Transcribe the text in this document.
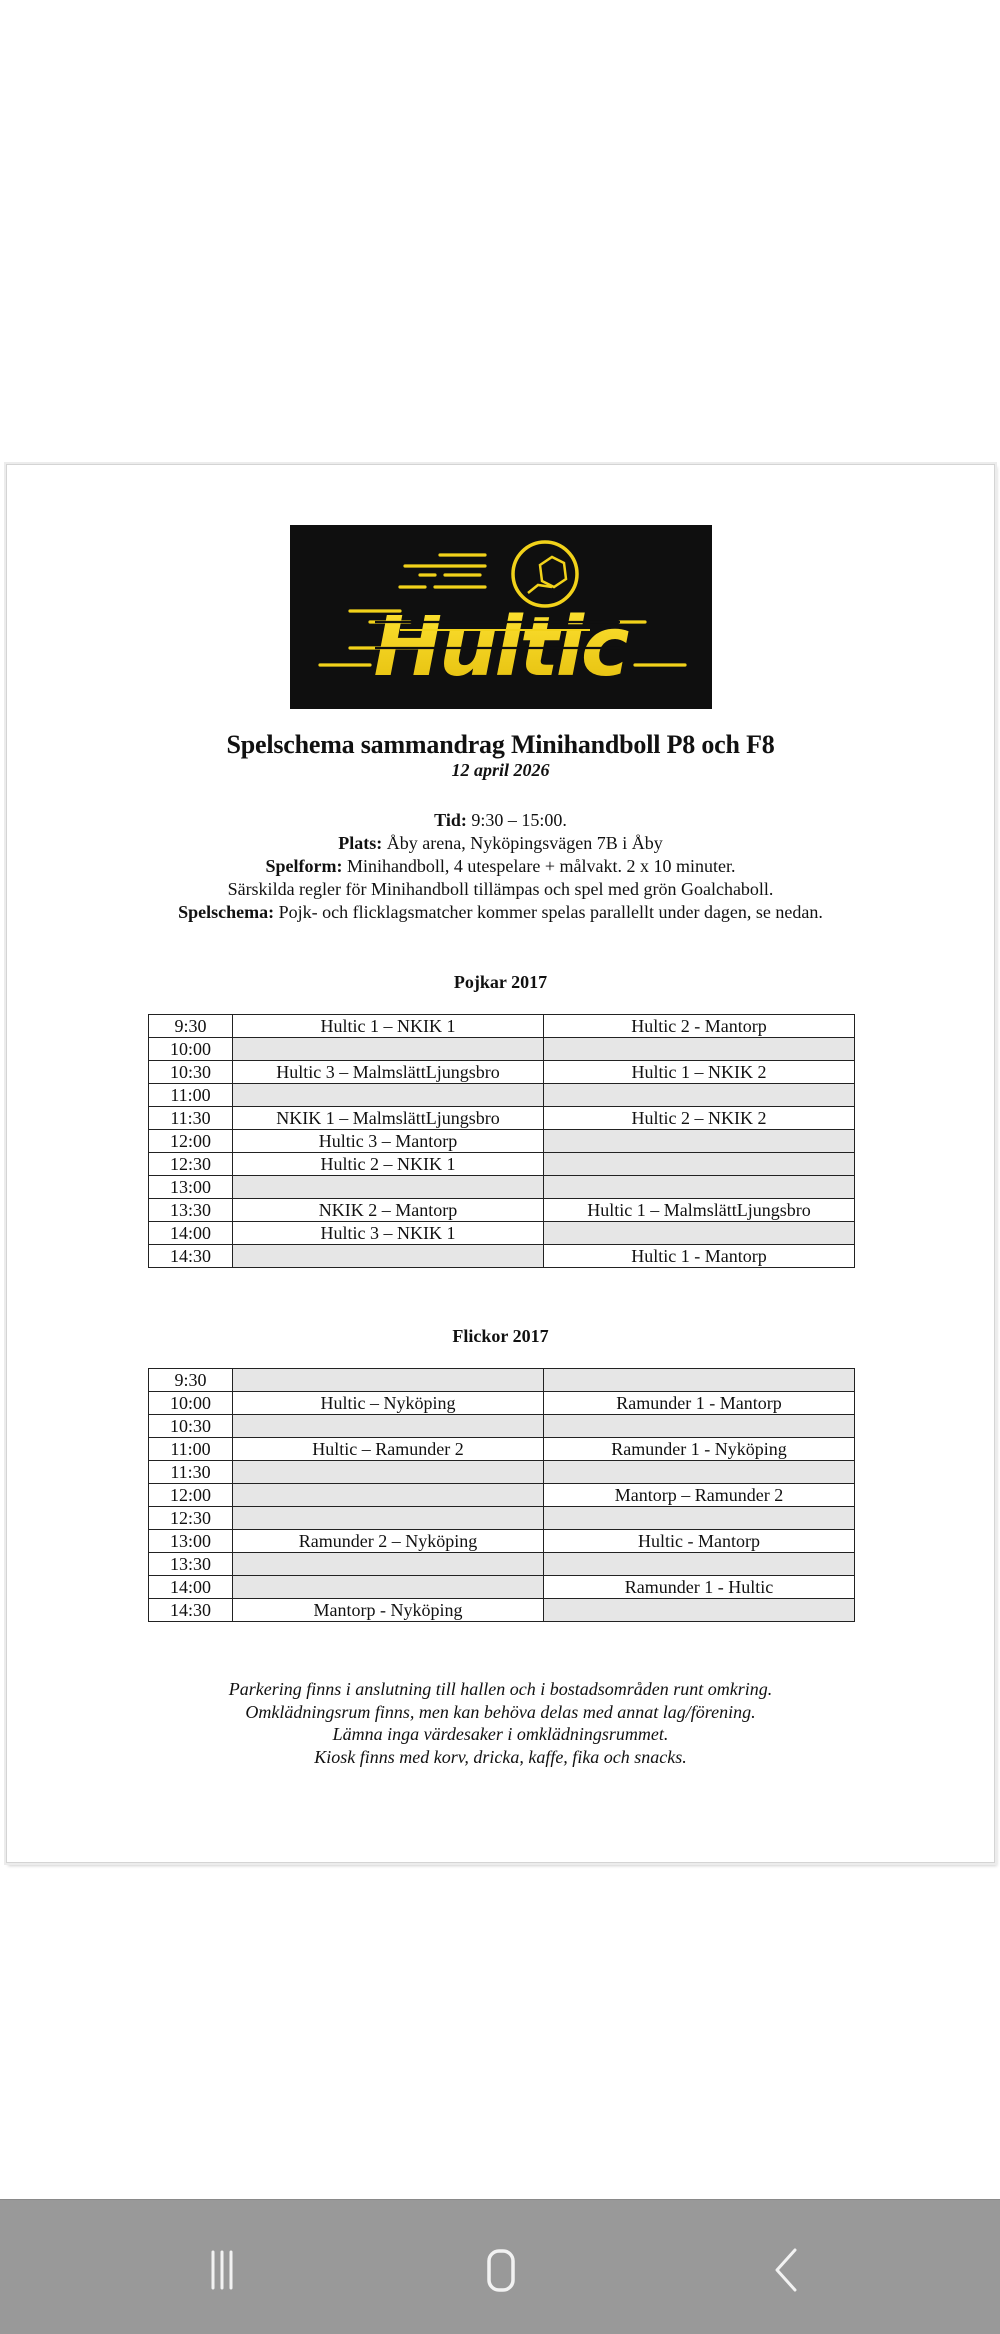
Hultic
Spelschema sammandrag Minihandboll P8 och F8
12 april 2026
Tid: 9:30 – 15:00.
Plats: Åby arena, Nyköpingsvägen 7B i Åby
Spelform: Minihandboll, 4 utespelare + målvakt. 2 x 10 minuter.
Särskilda regler för Minihandboll tillämpas och spel med grön Goalchaboll.
Spelschema: Pojk- och flicklagsmatcher kommer spelas parallellt under dagen, se nedan.
Pojkar 2017
9:30	Hultic 1 – NKIK 1	Hultic 2 - Mantorp
10:00		
10:30	Hultic 3 – MalmslättLjungsbro	Hultic 1 – NKIK 2
11:00		
11:30	NKIK 1 – MalmslättLjungsbro	Hultic 2 – NKIK 2
12:00	Hultic 3 – Mantorp	
12:30	Hultic 2 – NKIK 1	
13:00		
13:30	NKIK 2 – Mantorp	Hultic 1 – MalmslättLjungsbro
14:00	Hultic 3 – NKIK 1	
14:30		Hultic 1 - Mantorp
Flickor 2017
9:30		
10:00	Hultic – Nyköping	Ramunder 1 - Mantorp
10:30		
11:00	Hultic – Ramunder 2	Ramunder 1 - Nyköping
11:30		
12:00		Mantorp – Ramunder 2
12:30		
13:00	Ramunder 2 – Nyköping	Hultic - Mantorp
13:30		
14:00		Ramunder 1 - Hultic
14:30	Mantorp - Nyköping	
Parkering finns i anslutning till hallen och i bostadsområden runt omkring.
Omklädningsrum finns, men kan behöva delas med annat lag/förening.
Lämna inga värdesaker i omklädningsrummet.
Kiosk finns med korv, dricka, kaffe, fika och snacks.
